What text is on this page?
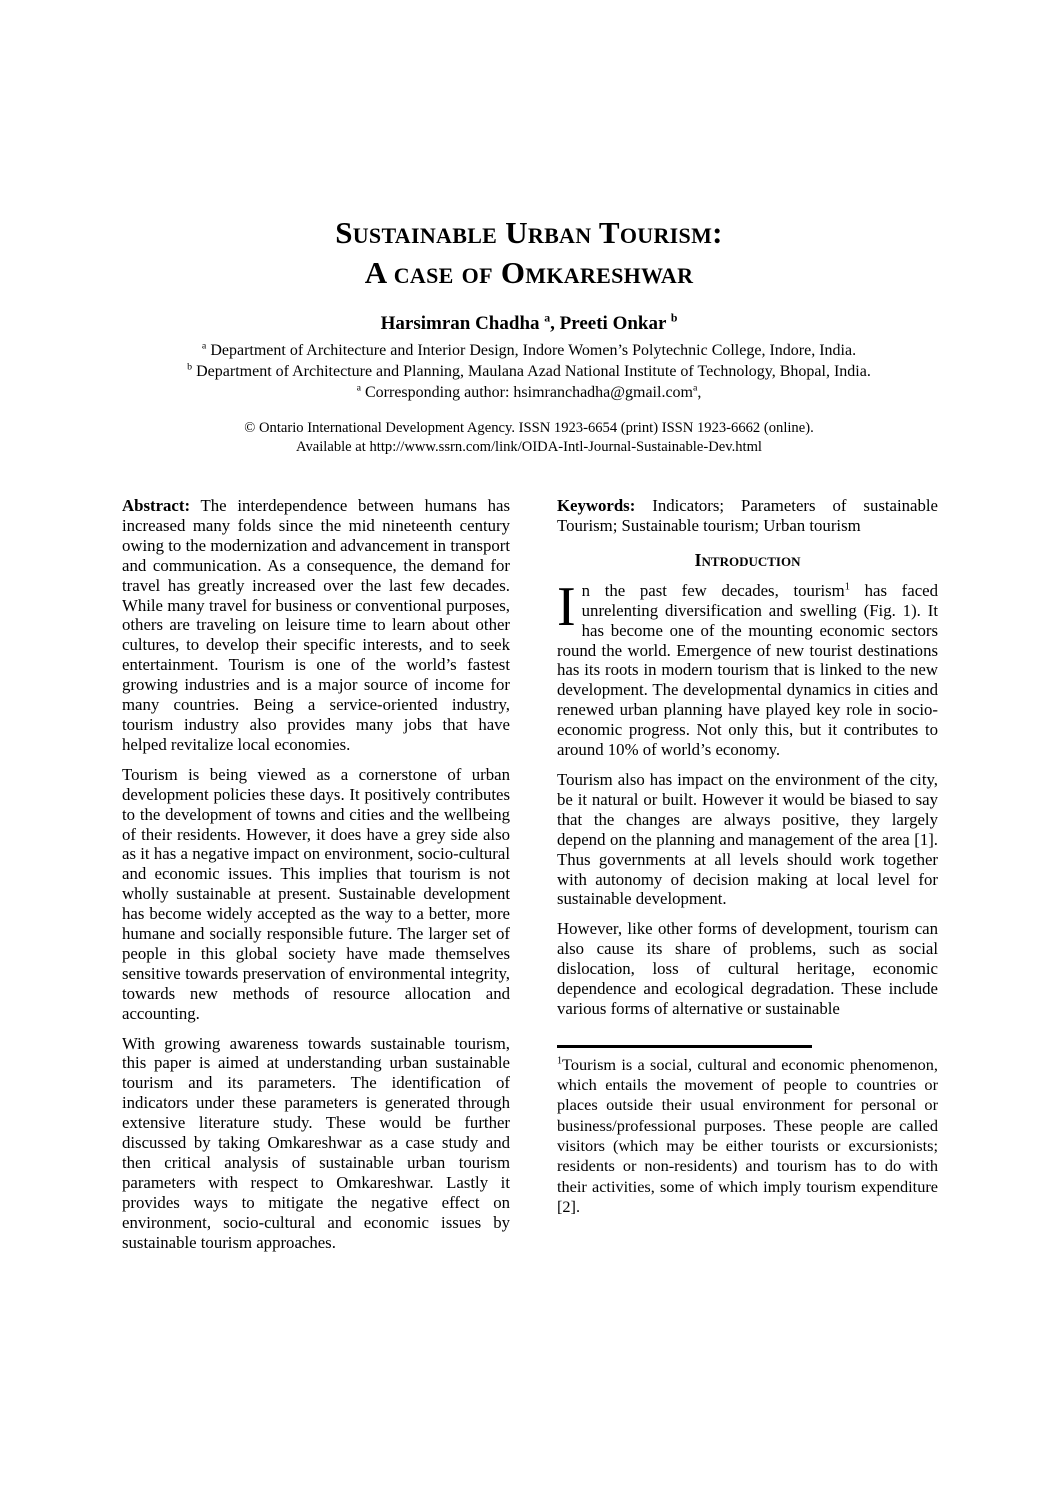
Sustainable Urban Tourism:
A case of Omkareshwar
Harsimran Chadha $^a$, Preeti Onkar $^b$
$^a$ Department of Architecture and Interior Design, Indore Women’s Polytechnic College, Indore, India.
$^b$ Department of Architecture and Planning, Maulana Azad National Institute of Technology, Bhopal, India.
$^a$ Corresponding author: hsimranchadha@gmail.com$^a$,
© Ontario International Development Agency. ISSN 1923-6654 (print) ISSN 1923-6662 (online).
Available at http://www.ssrn.com/link/OIDA-Intl-Journal-Sustainable-Dev.html

Abstract: The interdependence between humans has increased many folds since the mid nineteenth century owing to the modernization and advancement in transport and communication. As a consequence, the demand for travel has greatly increased over the last few decades. While many travel for business or conventional purposes, others are traveling on leisure time to learn about other cultures, to develop their specific interests, and to seek entertainment. Tourism is one of the world’s fastest growing industries and is a major source of income for many countries. Being a service-oriented industry, tourism industry also provides many jobs that have helped revitalize local economies.

Tourism is being viewed as a cornerstone of urban development policies these days. It positively contributes to the development of towns and cities and the wellbeing of their residents. However, it does have a grey side also as it has a negative impact on environment, socio-cultural and economic issues. This implies that tourism is not wholly sustainable at present. Sustainable development has become widely accepted as the way to a better, more humane and socially responsible future. The larger set of people in this global society have made themselves sensitive towards preservation of environmental integrity, towards new methods of resource allocation and accounting.

With growing awareness towards sustainable tourism, this paper is aimed at understanding urban sustainable tourism and its parameters. The identification of indicators under these parameters is generated through extensive literature study. These would be further discussed by taking Omkareshwar as a case study and then critical analysis of sustainable urban tourism parameters with respect to Omkareshwar. Lastly it provides ways to mitigate the negative effect on environment, socio-cultural and economic issues by sustainable tourism approaches.

Keywords: Indicators; Parameters of sustainable Tourism; Sustainable tourism; Urban tourism

Introduction

In the past few decades, tourism$^1$ has faced unrelenting diversification and swelling (Fig. 1). It has become one of the mounting economic sectors round the world. Emergence of new tourist destinations has its roots in modern tourism that is linked to the new development. The developmental dynamics in cities and renewed urban planning have played key role in socio-economic progress. Not only this, but it contributes to around 10% of world’s economy.

Tourism also has impact on the environment of the city, be it natural or built. However it would be biased to say that the changes are always positive, they largely depend on the planning and management of the area [1]. Thus governments at all levels should work together with autonomy of decision making at local level for sustainable development.

However, like other forms of development, tourism can also cause its share of problems, such as social dislocation, loss of cultural heritage, economic dependence and ecological degradation. These include various forms of alternative or sustainable

$^1$Tourism is a social, cultural and economic phenomenon, which entails the movement of people to countries or places outside their usual environment for personal or business/professional purposes. These people are called visitors (which may be either tourists or excursionists; residents or non-residents) and tourism has to do with their activities, some of which imply tourism expenditure [2].
